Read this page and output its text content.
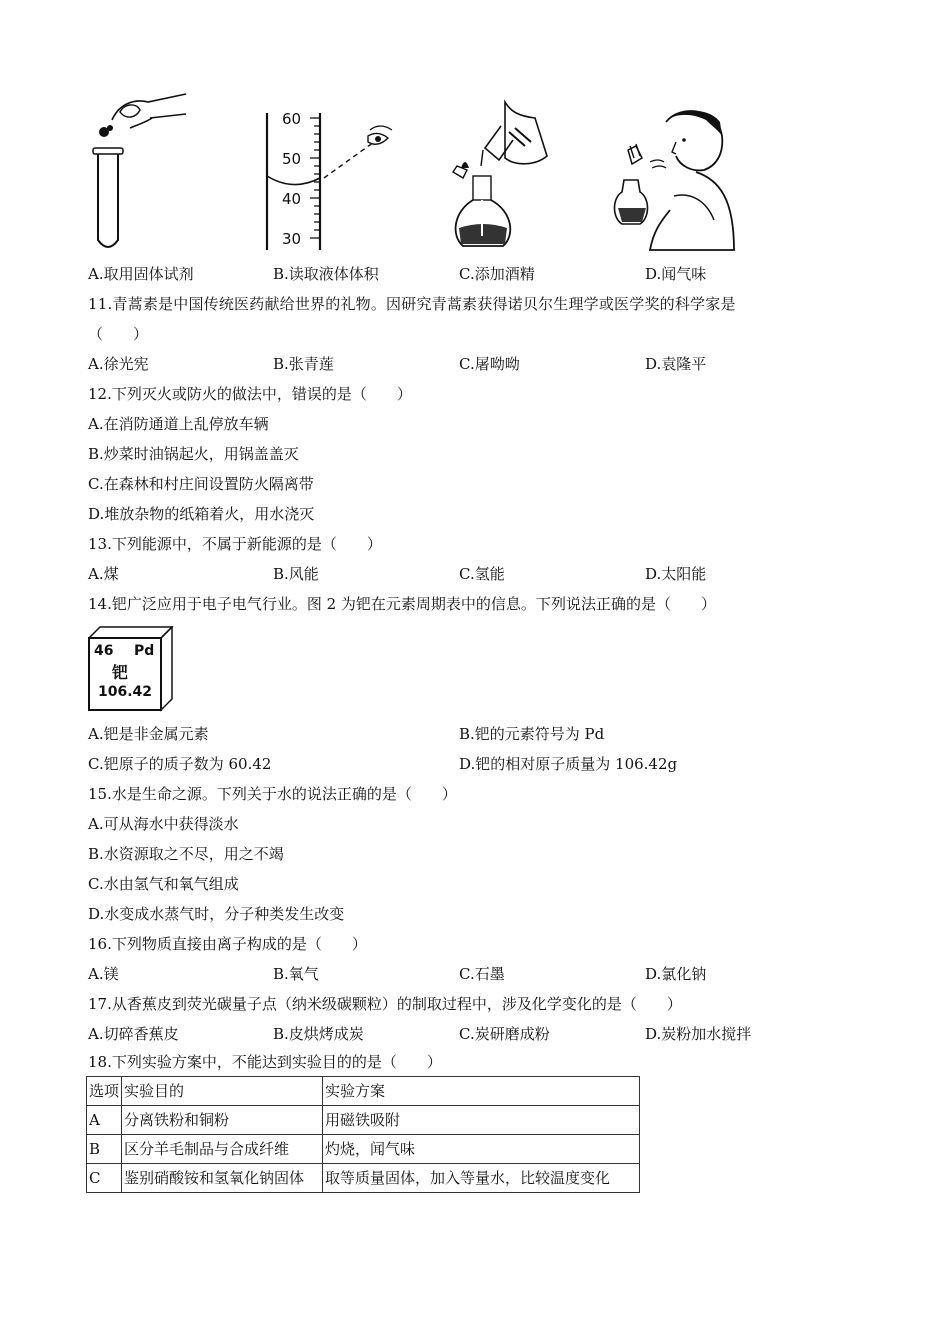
60
50
40
30
A.取用固体试剂	B.读取液体体积	C.添加酒精	D.闻气味
11.青蒿素是中国传统医药献给世界的礼物。因研究青蒿素获得诺贝尔生理学或医学奖的科学家是
（　　）
A.徐光宪	B.张青莲	C.屠呦呦	D.袁隆平
12.下列灭火或防火的做法中，错误的是（　　）
A.在消防通道上乱停放车辆
B.炒菜时油锅起火，用锅盖盖灭
C.在森林和村庄间设置防火隔离带
D.堆放杂物的纸箱着火，用水浇灭
13.下列能源中，不属于新能源的是（　　）
A.煤	B.风能	C.氢能	D.太阳能
14.钯广泛应用于电子电气行业。图 2 为钯在元素周期表中的信息。下列说法正确的是（　　）
46 Pd
钯
106.42
A.钯是非金属元素	B.钯的元素符号为 Pd
C.钯原子的质子数为 60.42	D.钯的相对原子质量为 106.42g
15.水是生命之源。下列关于水的说法正确的是（　　）
A.可从海水中获得淡水
B.水资源取之不尽，用之不竭
C.水由氢气和氧气组成
D.水变成水蒸气时，分子种类发生改变
16.下列物质直接由离子构成的是（　　）
A.镁	B.氧气	C.石墨	D.氯化钠
17.从香蕉皮到荧光碳量子点（纳米级碳颗粒）的制取过程中，涉及化学变化的是（　　）
A.切碎香蕉皮	B.皮烘烤成炭	C.炭研磨成粉	D.炭粉加水搅拌
18.下列实验方案中，不能达到实验目的的是（　　）
选项	实验目的	实验方案
A	分离铁粉和铜粉	用磁铁吸附
B	区分羊毛制品与合成纤维	灼烧，闻气味
C	鉴别硝酸铵和氢氧化钠固体	取等质量固体，加入等量水，比较温度变化
